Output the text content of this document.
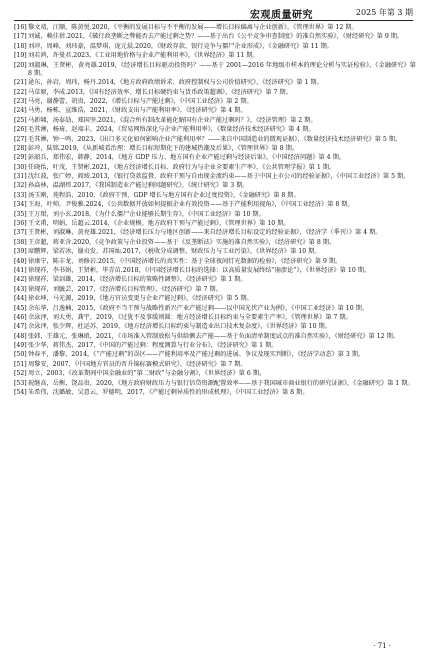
宏观质量研究	2025 年第 3 期
[16] 黎文靖，汪顺，陈黄悦.2020，《平衡的发展目标与不平衡的发展——增长目标偏离与企业创新》，《管理世界》第 12 期。
[17] 刘诚，赖佳蓓.2021，《破行政垄断之弊能否去产能过剩之势？——基于出台《公平竞争审查制度》的准自然实验》，《财经研究》第 9 期。
[18] 刘冲，周峰，刘玮豪，温梦琪，庞元晨.2020，《财政存款、银行竞争与僵尸企业形成》，《金融研究》第 11 期。
[19] 刘若鸿，许曼君.2023，《工业用地价格与企业产能利用率》，《世界经济》第 11 期。
[20] 刘淑琳，王贤彬，黄亮雄.2019，《经济增长目标驱动投资吗？——基于 2001—2016 年地级市样本的理论分析与实证检验》，《金融研究》第 8 期。
[21] 逯东，孙岩，周玮，杨丹.2014，《地方政府政绩诉求、政府控制权与公司价值研究》，《经济研究》第 1 期。
[22] 马草原，李成.2013，《国有经济效率、增长目标硬约束与货币政策超调》，《经济研究》第 7 期。
[23] 马亮，谢静蕾，胡贵，2022，《增长目标与产能过剩》，《中国工业经济》第 2 期。
[24] 马勇，杨栋，宣维浩，2021，《财政支出与产能利用率》，《经济研究》第 4 期。
[25] 马新啸，汤泰劼，郑国坚.2021，《混合所有制改革能化解国有企业产能过剩吗？》，《经济管理》第 2 期。
[26] 毛其淋，杨琦，赵端丰，2024，《贸易网络深化与企业产能利用率》，《数量经济技术经济研究》第 4 期。
[27] 毛其淋，钟一鸣，2023，《出口多元化如何影响企业产能利用率？——来自中国制造业的微观证据》，《数量经济技术经济研究》第 5 期。
[28] 彭冲，陆铭.2019，《从新城看治理：增长目标短期化下的建城热潮及后果》，《管理世界》第 8 期。
[29] 彭韶兵，郑伟宏，韩静，2014，《地方 GDP 压力、地方国有企业产能过剩与经济后果》，《中国经济问题》第 4 期。
[30] 任晓怡，叶茂，王贤彬.2021，《地方经济增长目标、政府行为与企业全要素生产率》，《公共管理学报》第 1 期。
[31] 沈红波，张广婷，阎竣.2013，《银行贷款监督、政府干预与自由现金流约束——基于中国上市公司的经验证据》，《中国工业经济》第 5 期。
[32] 孙焱林，温湖炜.2017，《我国制造业产能过剩问题研究》，《统计研究》第 3 期。
[33] 汤玉刚，苑程浩，2010，《政府干预、GDP 增长与地方国有企业过度投资》，《金融研究》第 8 期。
[34] 王海，叶帅，尹俊雅.2024，《公共数据开放如何提振企业有效投资——基于产能利用视角》，《中国工业经济》第 8 期。
[35] 王万珺，刘小玄.2018，《为什么僵尸企业能够长期生存》，《中国工业经济》第 10 期。
[36] 王文甫，明娟，岳超云.2014，《企业规模、地方政府干预与产能过剩》，《管理世界》第 10 期。
[37] 王贤彬，刘淑琳，黄亮雄.2021，《经济增长压力与地区创新——来自经济增长目标设定的经验证据》，《经济学（季刊）》第 4 期。
[38] 王彦超，蒋亚含.2020，《竞争政策与企业投资——基于《反垄断法》实施的准自然实验》，《经济研究》第 8 期。
[39] 席鹏辉，梁若冰，谢贞发，苏国灿.2017，《税收分成调整、财政压力与工业污染》，《世界经济》第 10 期。
[40] 徐康宁，陈丰龙，刘修岩.2015，《中国经济增长的真实性：基于全球夜间灯光数据的检验》，《经济研究》第 9 期。
[41] 徐现祥，李书娟，王贤彬，毕青苗.2018，《中国经济增长目标的选择：以高质量发展终结“崩溃论”》，《世界经济》第 10 期。
[42] 徐现祥，梁剑雄，2014，《经济增长目标的策略性调整》，《经济研究》第 1 期。
[43] 徐现祥，刘毓芸，2017，《经济增长目标管理》，《经济研究》第 7 期。
[44] 徐业坤，马光源，2019，《地方官员变更与企业产能过剩》，《经济研究》第 5 期。
[45] 余东华，吕逸楠，2015，《政府不当干预与战略性新兴产业产能过剩——以中国光伏产业为例》，《中国工业经济》第 10 期。
[46] 余泳泽，刘大勇，龚宇，2019，《过犹不及事缓则圆：地方经济增长目标约束与全要素生产率》，《管理世界》第 7 期。
[47] 余泳泽，张少辉，杜运苏，2019，《地方经济增长目标约束与制造业出口技术复杂度》，《世界经济》第 10 期。
[48] 张韩，王雄元，张琳琅，2021，《市场准入管制放松与供给侧去产能——基于负面清单制度试点的准自然实验》，《财经研究》第 12 期。
[49] 张少华，蒋伟杰，2017，《中国的产能过剩：程度测算与行业分布》，《经济研究》第 1 期。
[50] 钟春平，潘黎，2014，《“产能过剩”的误区——产能利用率及产能过剩的进展、争议及现实判断》，《经济学动态》第 3 期。
[51] 周黎安，2007，《中国地方官员的晋升锦标赛模式研究》，《经济研究》第 7 期。
[52] 周立，2003，《改革期间中国金融业的“第二财政”与金融分割》，《世界经济》第 6 期。
[53] 祝继高，岳衡，饶品贵，2020，《地方政府财政压力与银行信贷资源配置效率——基于我国城市商业银行的研究证据》，《金融研究》第 1 期。
[54] 朱希伟，沈璐敏，吴意云，罗德明，2017，《产能过剩异质性的形成机理》，《中国工业经济》第 8 期。
· 71 ·
